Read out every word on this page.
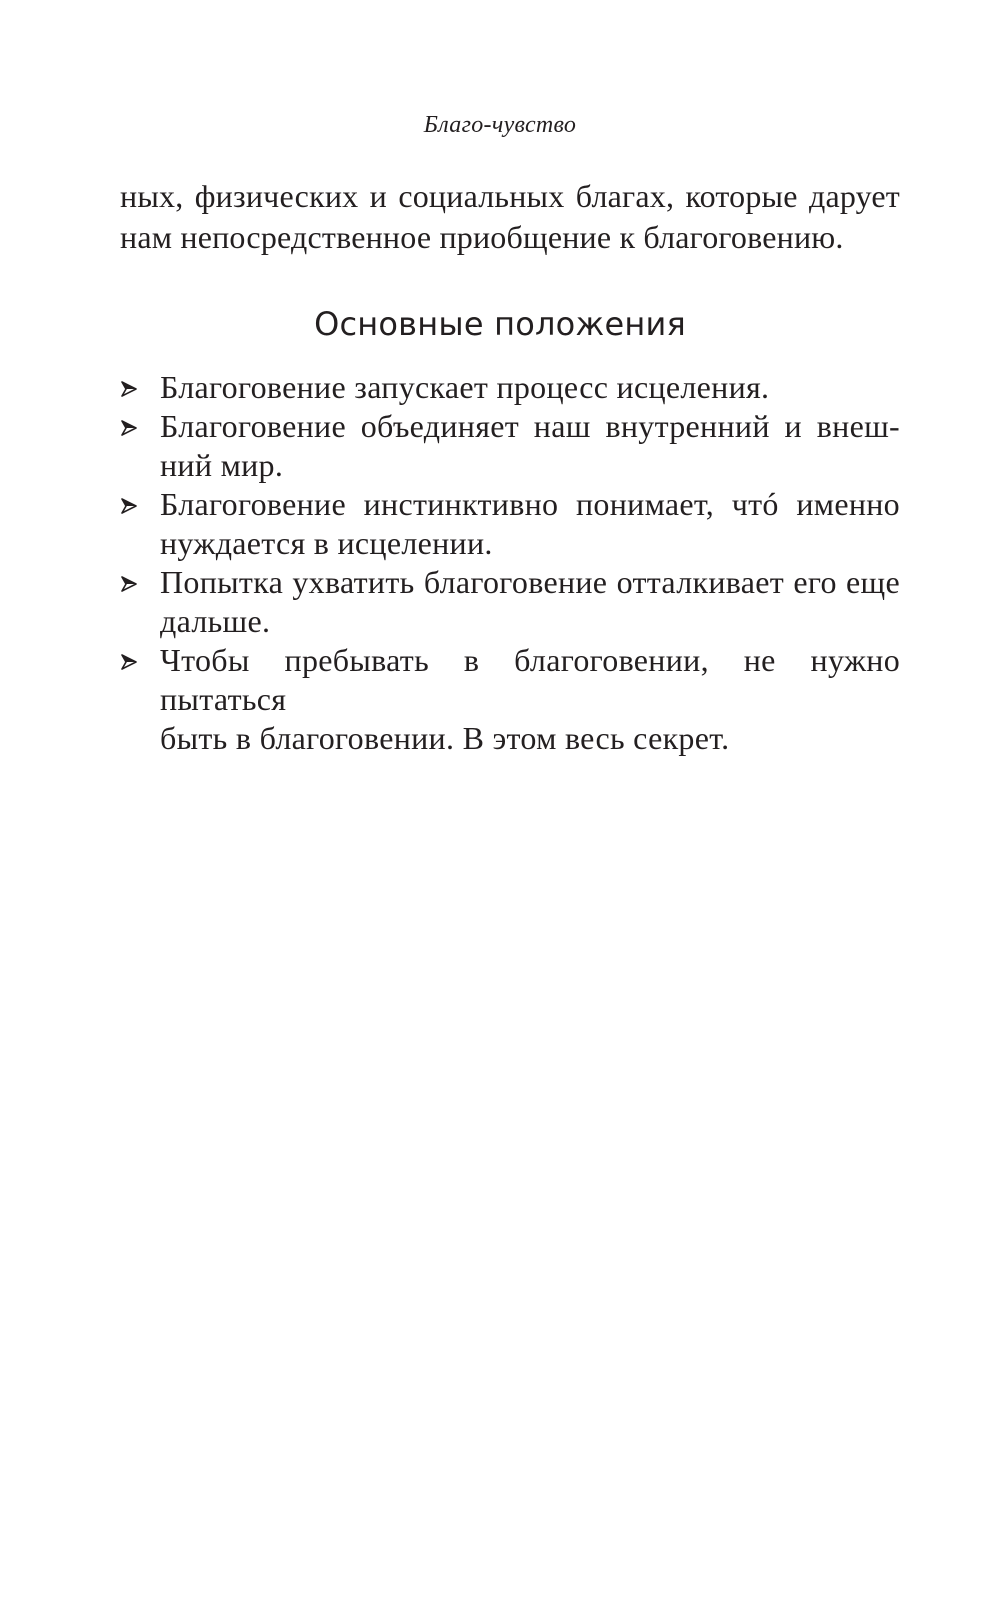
Благо-чувство
ных, физических и социальных благах, которые дарует
нам непосредственное приобщение к благоговению.
Основные положения
Благоговение запускает процесс исцеления.
Благоговение объединяет наш внутренний и внеш-
ний мир.
Благоговение инстинктивно понимает, чтó именно
нуждается в исцелении.
Попытка ухватить благоговение отталкивает его еще
дальше.
Чтобы пребывать в благоговении, не нужно пытаться
быть в благоговении. В этом весь секрет.
